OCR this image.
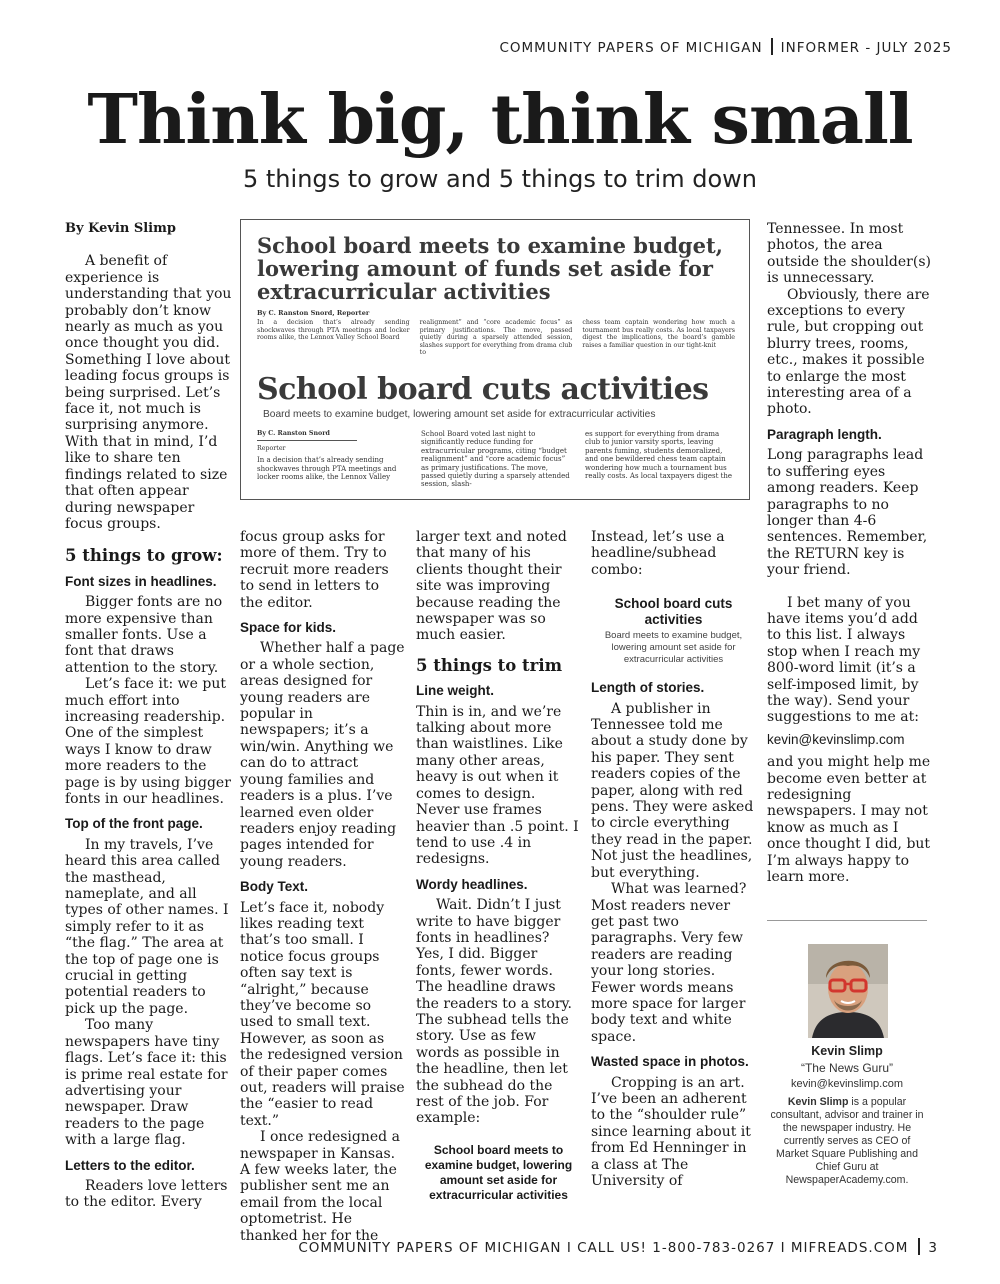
COMMUNITY PAPERS OF MICHIGAN INFORMER - JULY 2025
Think big, think small
5 things to grow and 5 things to trim down

By Kevin Slimp

A benefit of experience is understanding that you probably don’t know nearly as much as you once thought you did. Something I love about leading focus groups is being surprised. Let’s face it, not much is surprising anymore. With that in mind, I’d like to share ten findings related to size that often appear during newspaper focus groups.

5 things to grow:

Font sizes in headlines.

Bigger fonts are no more expensive than smaller fonts. Use a font that draws attention to the story.

Let’s face it: we put much effort into increasing readership. One of the simplest ways I know to draw more readers to the page is by using bigger fonts in our headlines.

Top of the front page.

In my travels, I’ve heard this area called the masthead, nameplate, and all types of other names. I simply refer to it as “the flag.” The area at the top of page one is crucial in getting potential readers to pick up the page.

Too many newspapers have tiny flags. Let’s face it: this is prime real estate for advertising your newspaper. Draw readers to the page with a large flag.

Letters to the editor.

Readers love letters to the editor. Every

School board meets to examine budget, lowering amount of funds set aside for extracurricular activities
By C. Ranston Snord, Reporter
In a decision that’s already sending shockwaves through PTA meetings and locker rooms alike, the Lennox Valley School Board
realignment” and “core academic focus” as primary justifications. The move, passed quietly during a sparsely attended session, slashes support for everything from drama club to
chess team captain wondering how much a tournament bus really costs. As local taxpayers digest the implications, the board’s gamble raises a familiar question in our tight-knit
School board cuts activities
Board meets to examine budget, lowering amount set aside for extracurricular activities
By C. Ranston Snord
Reporter
In a decision that’s already sending shockwaves through PTA meetings and locker rooms alike, the Lennox Valley
School Board voted last night to significantly reduce funding for extracurricular programs, citing “budget realignment” and “core academic focus” as primary justifications. The move, passed quietly during a sparsely attended session, slash-
es support for everything from drama club to junior varsity sports, leaving parents fuming, students demoralized, and one bewildered chess team captain wondering how much a tournament bus really costs. As local taxpayers digest the

focus group asks for more of them. Try to recruit more readers to send in letters to the editor.

Space for kids.

Whether half a page or a whole section, areas designed for young readers are popular in newspapers; it’s a win/win. Anything we can do to attract young families and readers is a plus. I’ve learned even older readers enjoy reading pages intended for young readers.

Body Text.

Let’s face it, nobody likes reading text that’s too small. I notice focus groups often say text is “alright,” because they’ve become so used to small text. However, as soon as the redesigned version of their paper comes out, readers will praise the “easier to read text.”

I once redesigned a newspaper in Kansas. A few weeks later, the publisher sent me an email from the local optometrist. He thanked her for the

larger text and noted that many of his clients thought their site was improving because reading the newspaper was so much easier.

5 things to trim

Line weight.

Thin is in, and we’re talking about more than waistlines. Like many other areas, heavy is out when it comes to design. Never use frames heavier than .5 point. I tend to use .4 in redesigns.

Wordy headlines.

Wait. Didn’t I just write to have bigger fonts in headlines? Yes, I did. Bigger fonts, fewer words. The headline draws the readers to a story. The subhead tells the story. Use as few words as possible in the headline, then let the subhead do the rest of the job. For example:

School board meets to examine budget, lowering amount set aside for extracurricular activities

Instead, let’s use a headline/subhead combo:

School board cuts activities

Board meets to examine budget, lowering amount set aside for extracurricular activities

Length of stories.

A publisher in Tennessee told me about a study done by his paper. They sent readers copies of the paper, along with red pens. They were asked to circle everything they read in the paper. Not just the headlines, but everything.

What was learned? Most readers never get past two paragraphs. Very few readers are reading your long stories. Fewer words means more space for larger body text and white space.

Wasted space in photos.

Cropping is an art. I’ve been an adherent to the “shoulder rule” since learning about it from Ed Henninger in a class at The University of

Tennessee. In most photos, the area outside the shoulder(s) is unnecessary.

Obviously, there are exceptions to every rule, but cropping out blurry trees, rooms, etc., makes it possible to enlarge the most interesting area of a photo.

Paragraph length.

Long paragraphs lead to suffering eyes among readers. Keep paragraphs to no longer than 4-6 sentences. Remember, the RETURN key is your friend.

I bet many of you have items you’d add to this list. I always stop when I reach my 800-word limit (it’s a self-imposed limit, by the way). Send your suggestions to me at:

kevin@kevinslimp.com

and you might help me become even better at redesigning newspapers. I may not know as much as I once thought I did, but I’m always happy to learn more.

Kevin Slimp
“The News Guru”
kevin@kevinslimp.com
Kevin Slimp is a popular consultant, advisor and trainer in the newspaper industry. He currently serves as CEO of Market Square Publishing and Chief Guru at NewspaperAcademy.com.
COMMUNITY PAPERS OF MICHIGAN I CALL US! 1-800-783-0267 I MIFREADS.COM 3
